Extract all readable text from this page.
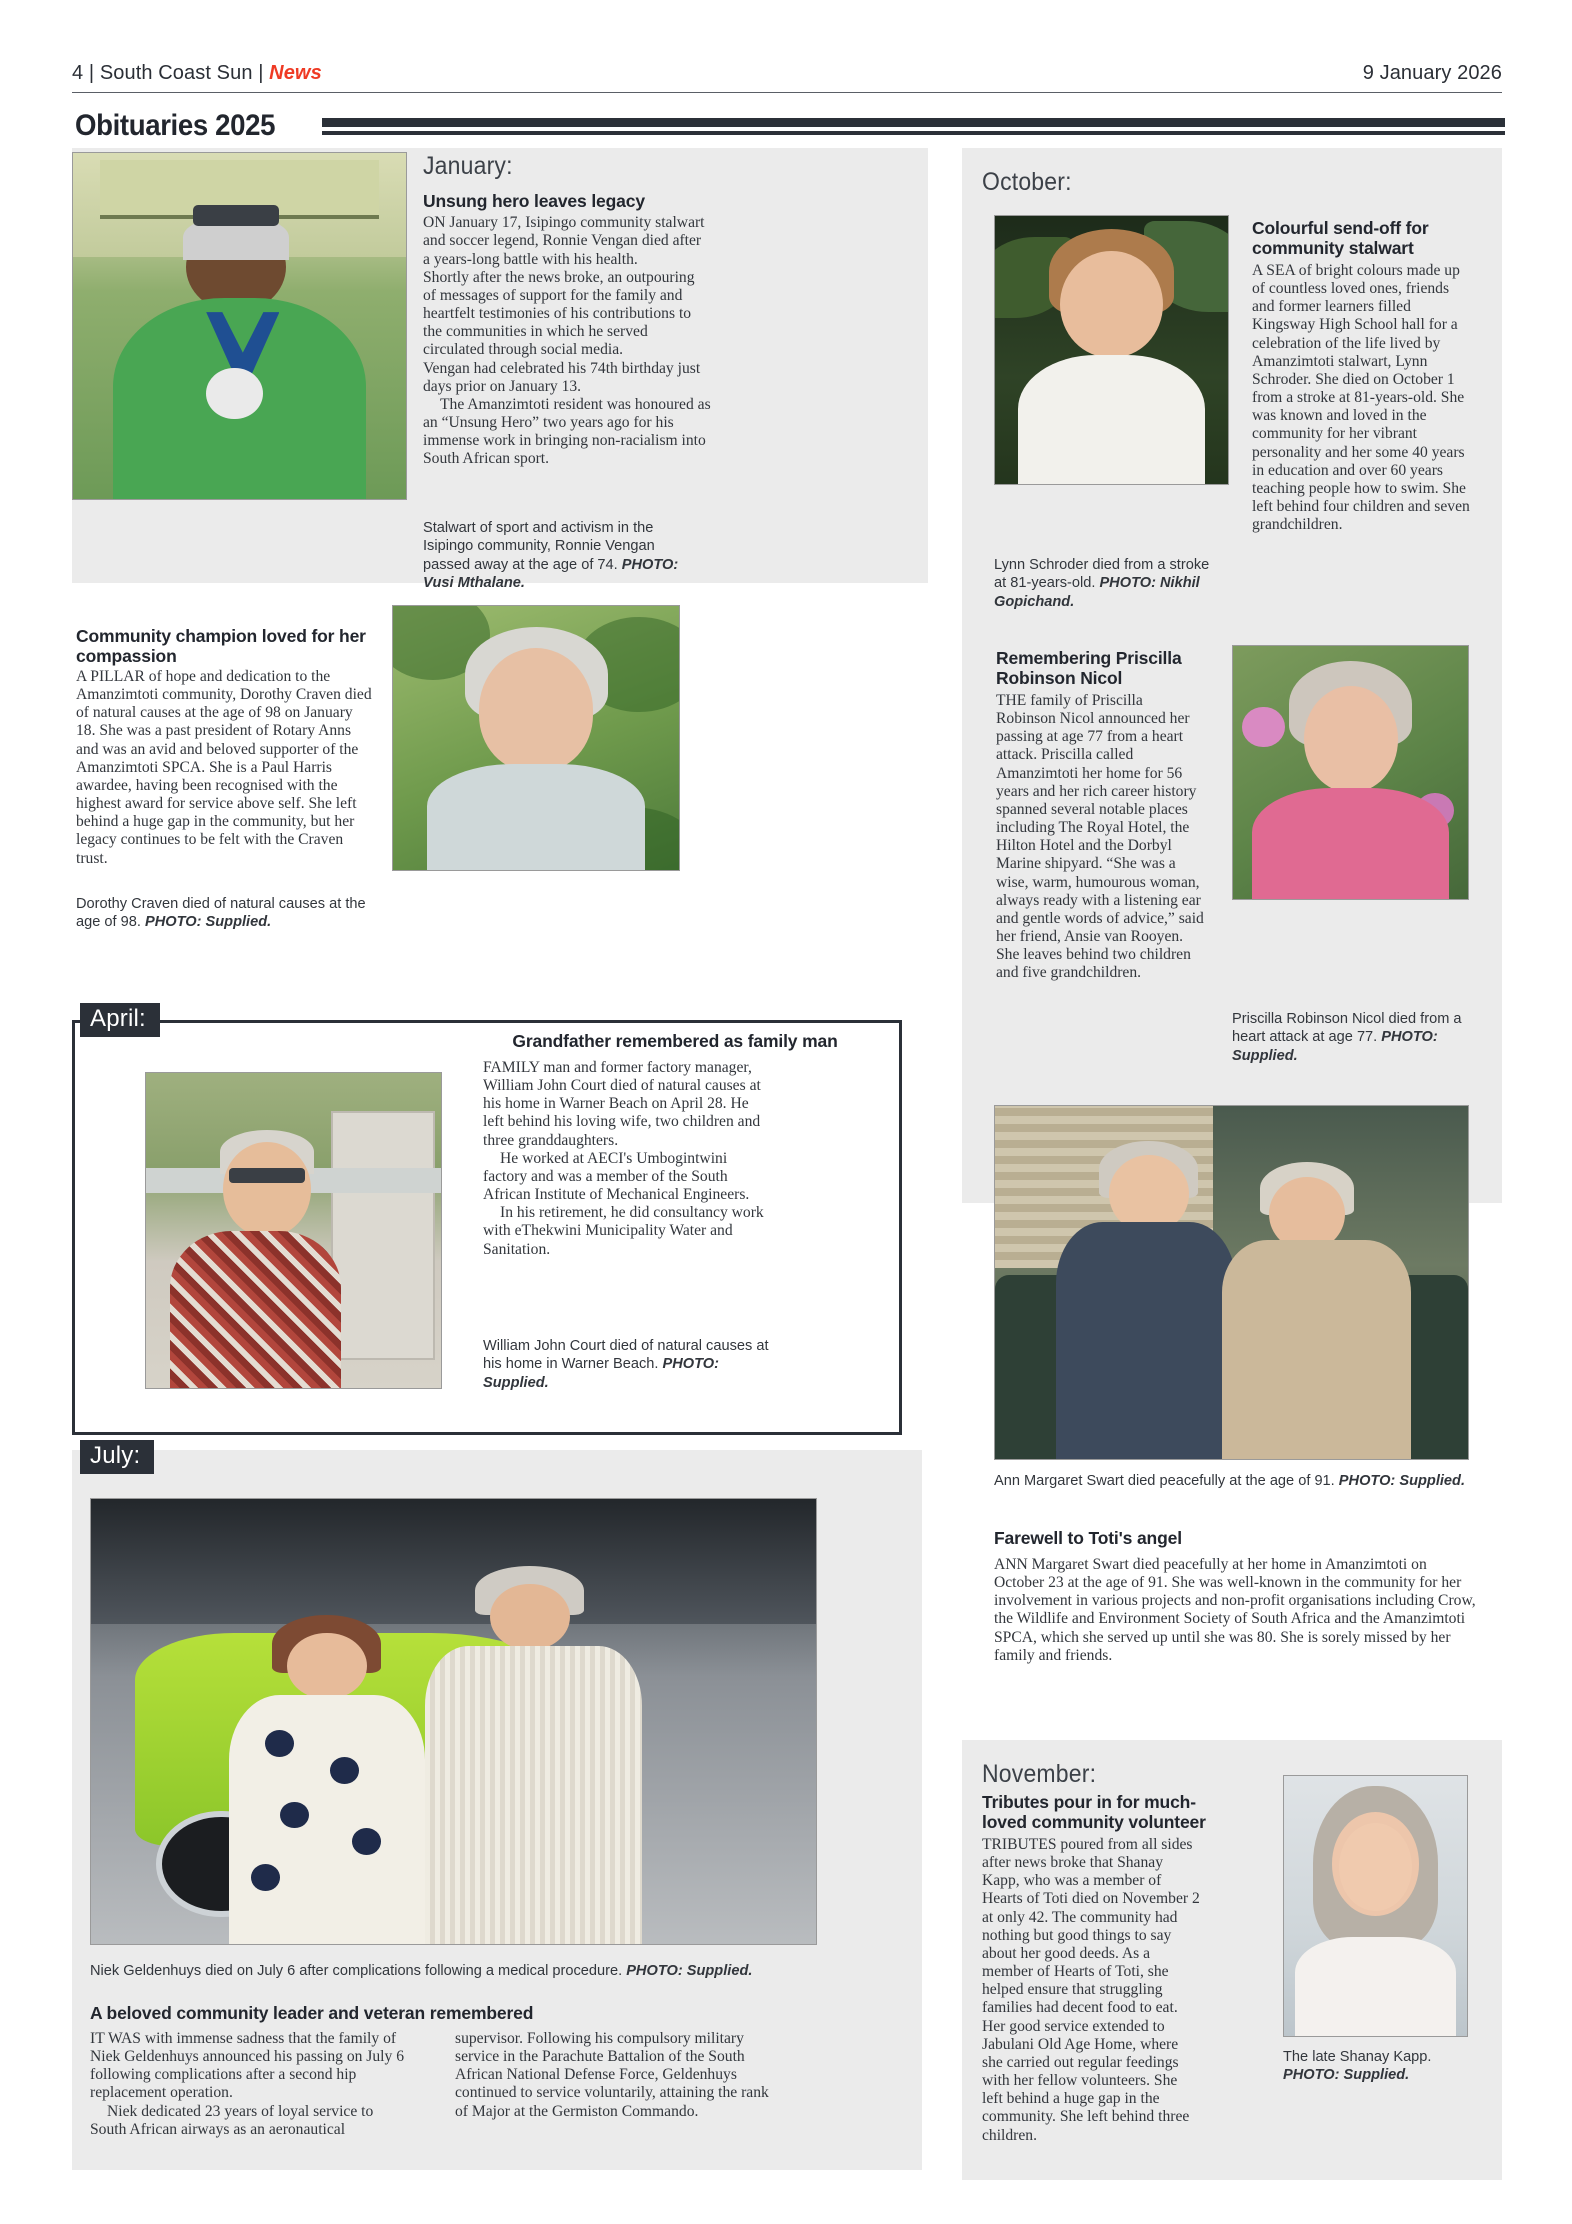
4 | South Coast Sun | News	9 January 2026
Obituaries 2025
January:
Unsung hero leaves legacy

ON January 17, Isipingo community stalwart and soccer legend, Ronnie Vengan died after a years-long battle with his health.

Shortly after the news broke, an outpouring of messages of support for the family and heartfelt testimonies of his contributions to the communities in which he served circulated through social media.

Vengan had celebrated his 74th birthday just days prior on January 13.

The Amanzimtoti resident was honoured as an “Unsung Hero” two years ago for his immense work in bringing non-racialism into South African sport.

Stalwart of sport and activism in the Isipingo community, Ronnie Vengan passed away at the age of 74. PHOTO: Vusi Mthalane.
Community champion loved for her compassion

A PILLAR of hope and dedication to the Amanzimtoti community, Dorothy Craven died of natural causes at the age of 98 on January 18. She was a past president of Rotary Anns and was an avid and beloved supporter of the Amanzimtoti SPCA. She is a Paul Harris awardee, having been recognised with the highest award for service above self. She left behind a huge gap in the community, but her legacy continues to be felt with the Craven trust.

Dorothy Craven died of natural causes at the age of 98. PHOTO: Supplied.
April:
Grandfather remembered as family man

FAMILY man and former factory manager, William John Court died of natural causes at his home in Warner Beach on April 28. He left behind his loving wife, two children and three granddaughters.

He worked at AECI's Umbogintwini factory and was a member of the South African Institute of Mechanical Engineers.

In his retirement, he did consultancy work with eThekwini Municipality Water and Sanitation.

William John Court died of natural causes at his home in Warner Beach. PHOTO: Supplied.
July:
Niek Geldenhuys died on July 6 after complications following a medical procedure. PHOTO: Supplied.
A beloved community leader and veteran remembered

IT WAS with immense sadness that the family of Niek Geldenhuys announced his passing on July 6 following complications after a second hip replacement operation.

Niek dedicated 23 years of loyal service to South African airways as an aeronautical

supervisor. Following his compulsory military service in the Parachute Battalion of the South African National Defense Force, Geldenhuys continued to service voluntarily, attaining the rank of Major at the Germiston Commando.

October:
Lynn Schroder died from a stroke at 81-years-old. PHOTO: Nikhil Gopichand.
Colourful send-off for community stalwart

A SEA of bright colours made up of countless loved ones, friends and former learners filled Kingsway High School hall for a celebration of the life lived by Amanzimtoti stalwart, Lynn Schroder. She died on October 1 from a stroke at 81-years-old. She was known and loved in the community for her vibrant personality and her some 40 years in education and over 60 years teaching people how to swim. She left behind four children and seven grandchildren.

Remembering Priscilla Robinson Nicol

THE family of Priscilla Robinson Nicol announced her passing at age 77 from a heart attack. Priscilla called Amanzimtoti her home for 56 years and her rich career history spanned several notable places including The Royal Hotel, the Hilton Hotel and the Dorbyl Marine shipyard. “She was a wise, warm, humourous woman, always ready with a listening ear and gentle words of advice,” said her friend, Ansie van Rooyen. She leaves behind two children and five grandchildren.

Priscilla Robinson Nicol died from a heart attack at age 77. PHOTO: Supplied.
Ann Margaret Swart died peacefully at the age of 91. PHOTO: Supplied.
Farewell to Toti's angel

ANN Margaret Swart died peacefully at her home in Amanzimtoti on October 23 at the age of 91. She was well-known in the community for her involvement in various projects and non-profit organisations including Crow, the Wildlife and Environment Society of South Africa and the Amanzimtoti SPCA, which she served up until she was 80. She is sorely missed by her family and friends.

November:
Tributes pour in for much-loved community volunteer

TRIBUTES poured from all sides after news broke that Shanay Kapp, who was a member of Hearts of Toti died on November 2 at only 42. The community had nothing but good things to say about her good deeds. As a member of Hearts of Toti, she helped ensure that struggling families had decent food to eat. Her good service extended to Jabulani Old Age Home, where she carried out regular feedings with her fellow volunteers. She left behind a huge gap in the community. She left behind three children.

The late Shanay Kapp. PHOTO: Supplied.
